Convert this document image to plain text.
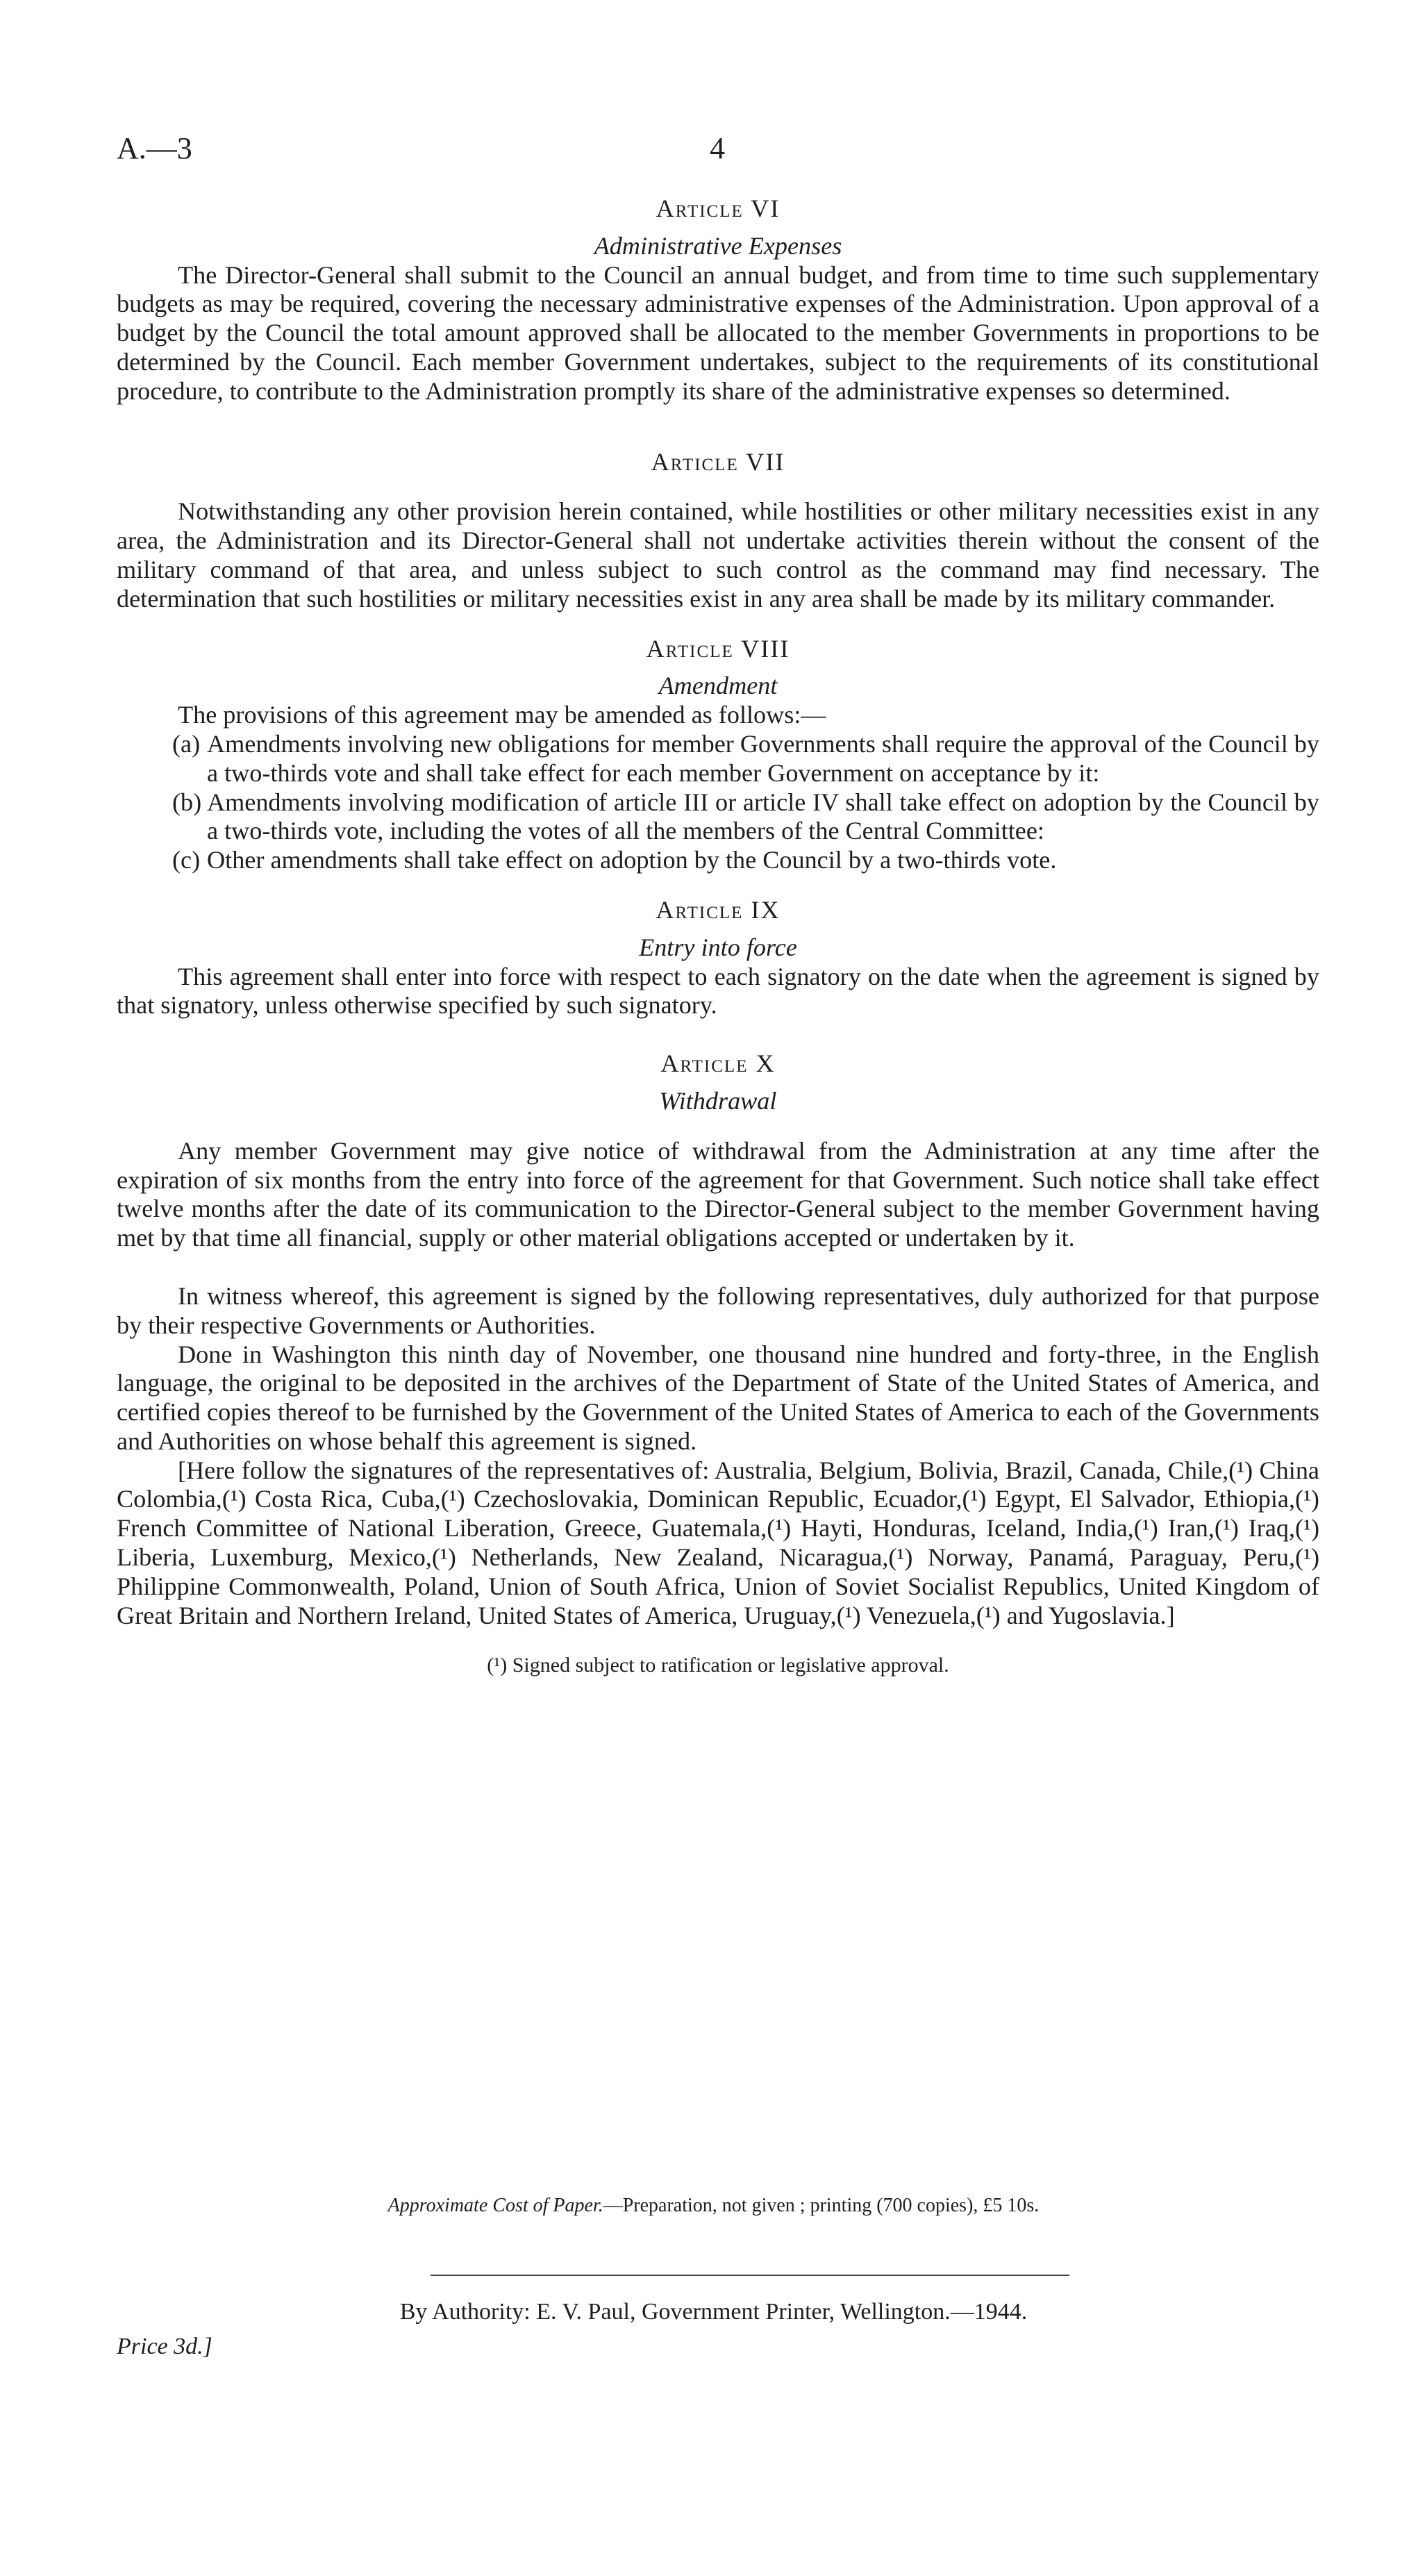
A.—3	4

Article VI

Administrative Expenses

The Director-General shall submit to the Council an annual budget, and from time to time such supplementary budgets as may be required, covering the necessary administrative expenses of the Administration. Upon approval of a budget by the Council the total amount approved shall be allocated to the member Governments in proportions to be determined by the Council. Each member Government undertakes, subject to the requirements of its constitutional procedure, to contribute to the Administration promptly its share of the administrative expenses so determined.

Article VII

Notwithstanding any other provision herein contained, while hostilities or other military necessities exist in any area, the Administration and its Director-General shall not undertake activities therein without the consent of the military command of that area, and unless subject to such control as the command may find necessary. The determination that such hostilities or military necessities exist in any area shall be made by its military commander.

Article VIII

Amendment

The provisions of this agreement may be amended as follows:—

(a) Amendments involving new obligations for member Governments shall require the approval of the Council by a two-thirds vote and shall take effect for each member Government on acceptance by it:

(b) Amendments involving modification of article III or article IV shall take effect on adoption by the Council by a two-thirds vote, including the votes of all the members of the Central Committee:

(c) Other amendments shall take effect on adoption by the Council by a two-thirds vote.

Article IX

Entry into force

This agreement shall enter into force with respect to each signatory on the date when the agreement is signed by that signatory, unless otherwise specified by such signatory.

Article X

Withdrawal

Any member Government may give notice of withdrawal from the Administration at any time after the expiration of six months from the entry into force of the agreement for that Government. Such notice shall take effect twelve months after the date of its communication to the Director-General subject to the member Government having met by that time all financial, supply or other material obligations accepted or undertaken by it.

In witness whereof, this agreement is signed by the following representatives, duly authorized for that purpose by their respective Governments or Authorities.

Done in Washington this ninth day of November, one thousand nine hundred and forty-three, in the English language, the original to be deposited in the archives of the Department of State of the United States of America, and certified copies thereof to be furnished by the Government of the United States of America to each of the Governments and Authorities on whose behalf this agreement is signed.

[Here follow the signatures of the representatives of: Australia, Belgium, Bolivia, Brazil, Canada, Chile,(¹) China Colombia,(¹) Costa Rica, Cuba,(¹) Czechoslovakia, Dominican Republic, Ecuador,(¹) Egypt, El Salvador, Ethiopia,(¹) French Committee of National Liberation, Greece, Guatemala,(¹) Hayti, Honduras, Iceland, India,(¹) Iran,(¹) Iraq,(¹) Liberia, Luxemburg, Mexico,(¹) Netherlands, New Zealand, Nicaragua,(¹) Norway, Panamá, Paraguay, Peru,(¹) Philippine Commonwealth, Poland, Union of South Africa, Union of Soviet Socialist Republics, United Kingdom of Great Britain and Northern Ireland, United States of America, Uruguay,(¹) Venezuela,(¹) and Yugoslavia.]

(¹) Signed subject to ratification or legislative approval.

Approximate Cost of Paper.—Preparation, not given ; printing (700 copies), £5 10s.
By Authority: E. V. Paul, Government Printer, Wellington.—1944.
Price 3d.]
